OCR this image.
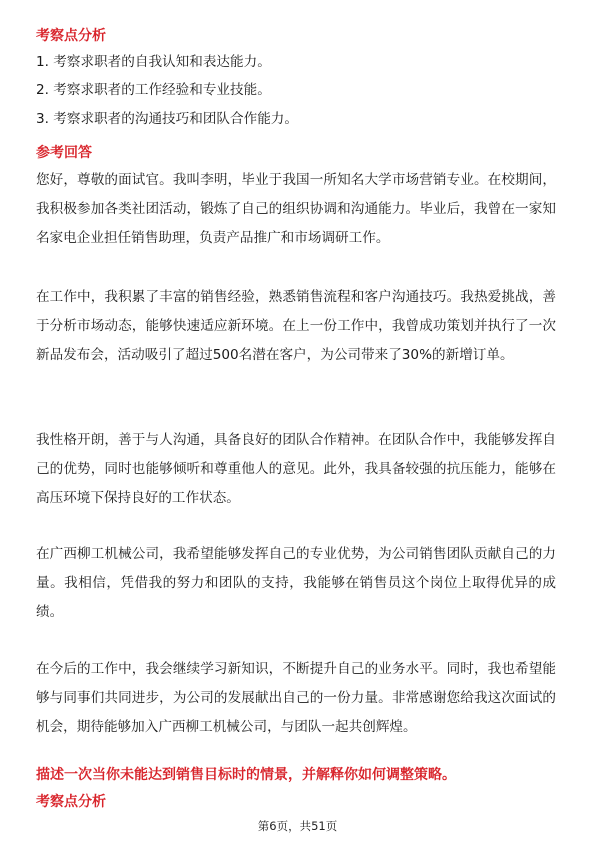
考察点分析
1. 考察求职者的自我认知和表达能力。
2. 考察求职者的工作经验和专业技能。
3. 考察求职者的沟通技巧和团队合作能力。
参考回答
您好，尊敬的面试官。我叫李明，毕业于我国一所知名大学市场营销专业。在校期间，我积极参加各类社团活动，锻炼了自己的组织协调和沟通能力。毕业后，我曾在一家知名家电企业担任销售助理，负责产品推广和市场调研工作。
在工作中，我积累了丰富的销售经验，熟悉销售流程和客户沟通技巧。我热爱挑战，善于分析市场动态，能够快速适应新环境。在上一份工作中，我曾成功策划并执行了一次新品发布会，活动吸引了超过500名潜在客户，为公司带来了30%的新增订单。
我性格开朗，善于与人沟通，具备良好的团队合作精神。在团队合作中，我能够发挥自己的优势，同时也能够倾听和尊重他人的意见。此外，我具备较强的抗压能力，能够在高压环境下保持良好的工作状态。
在广西柳工机械公司，我希望能够发挥自己的专业优势，为公司销售团队贡献自己的力量。我相信，凭借我的努力和团队的支持，我能够在销售员这个岗位上取得优异的成绩。
在今后的工作中，我会继续学习新知识，不断提升自己的业务水平。同时，我也希望能够与同事们共同进步，为公司的发展献出自己的一份力量。非常感谢您给我这次面试的机会，期待能够加入广西柳工机械公司，与团队一起共创辉煌。
描述一次当你未能达到销售目标时的情景，并解释你如何调整策略。
考察点分析
第6页，共51页
